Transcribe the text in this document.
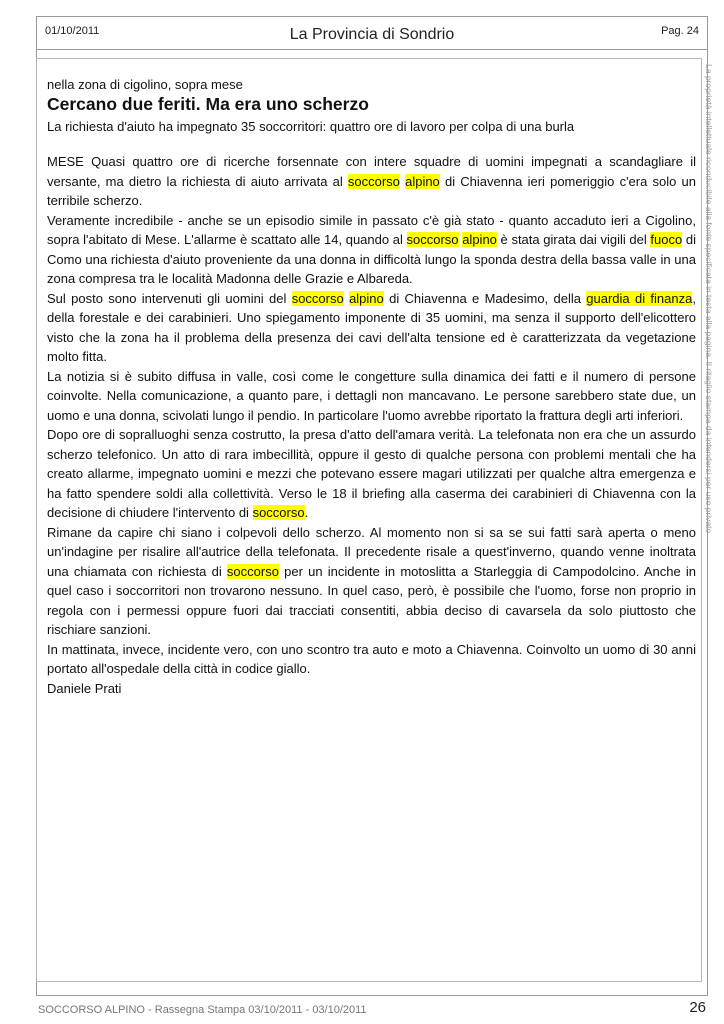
01/10/2011	La Provincia di Sondrio	Pag. 24

nella zona di cigolino, sopra mese

Cercano due feriti. Ma era uno scherzo

La richiesta d'aiuto ha impegnato 35 soccorritori: quattro ore di lavoro per colpa di una burla

MESE Quasi quattro ore di ricerche forsennate con intere squadre di uomini impegnati a scandagliare il versante, ma dietro la richiesta di aiuto arrivata al soccorso alpino di Chiavenna ieri pomeriggio c'era solo un terribile scherzo.

Veramente incredibile - anche se un episodio simile in passato c'è già stato - quanto accaduto ieri a Cigolino, sopra l'abitato di Mese. L'allarme è scattato alle 14, quando al soccorso alpino è stata girata dai vigili del fuoco di Como una richiesta d'aiuto proveniente da una donna in difficoltà lungo la sponda destra della bassa valle in una zona compresa tra le località Madonna delle Grazie e Albareda.

Sul posto sono intervenuti gli uomini del soccorso alpino di Chiavenna e Madesimo, della guardia di finanza, della forestale e dei carabinieri. Uno spiegamento imponente di 35 uomini, ma senza il supporto dell'elicottero visto che la zona ha il problema della presenza dei cavi dell'alta tensione ed è caratterizzata da vegetazione molto fitta.

La notizia si è subito diffusa in valle, così come le congetture sulla dinamica dei fatti e il numero di persone coinvolte. Nella comunicazione, a quanto pare, i dettagli non mancavano. Le persone sarebbero state due, un uomo e una donna, scivolati lungo il pendio. In particolare l'uomo avrebbe riportato la frattura degli arti inferiori.

Dopo ore di sopralluoghi senza costrutto, la presa d'atto dell'amara verità. La telefonata non era che un assurdo scherzo telefonico. Un atto di rara imbecillità, oppure il gesto di qualche persona con problemi mentali che ha creato allarme, impegnato uomini e mezzi che potevano essere magari utilizzati per qualche altra emergenza e ha fatto spendere soldi alla collettività. Verso le 18 il briefing alla caserma dei carabinieri di Chiavenna con la decisione di chiudere l'intervento di soccorso.

Rimane da capire chi siano i colpevoli dello scherzo. Al momento non si sa se sui fatti sarà aperta o meno un'indagine per risalire all'autrice della telefonata. Il precedente risale a quest'inverno, quando venne inoltrata una chiamata con richiesta di soccorso per un incidente in motoslitta a Starleggia di Campodolcino. Anche in quel caso i soccorritori non trovarono nessuno. In quel caso, però, è possibile che l'uomo, forse non proprio in regola con i permessi oppure fuori dai tracciati consentiti, abbia deciso di cavarsela da solo piuttosto che rischiare sanzioni.

In mattinata, invece, incidente vero, con uno scontro tra auto e moto a Chiavenna. Coinvolto un uomo di 30 anni portato all'ospedale della città in codice giallo.

Daniele Prati

La proprietà intellettuale riconducibile alla fonte specificata in testa alla pagina. Il ritaglio stampa da intendersi per uso privato
SOCCORSO ALPINO - Rassegna Stampa 03/10/2011 - 03/10/2011	26
